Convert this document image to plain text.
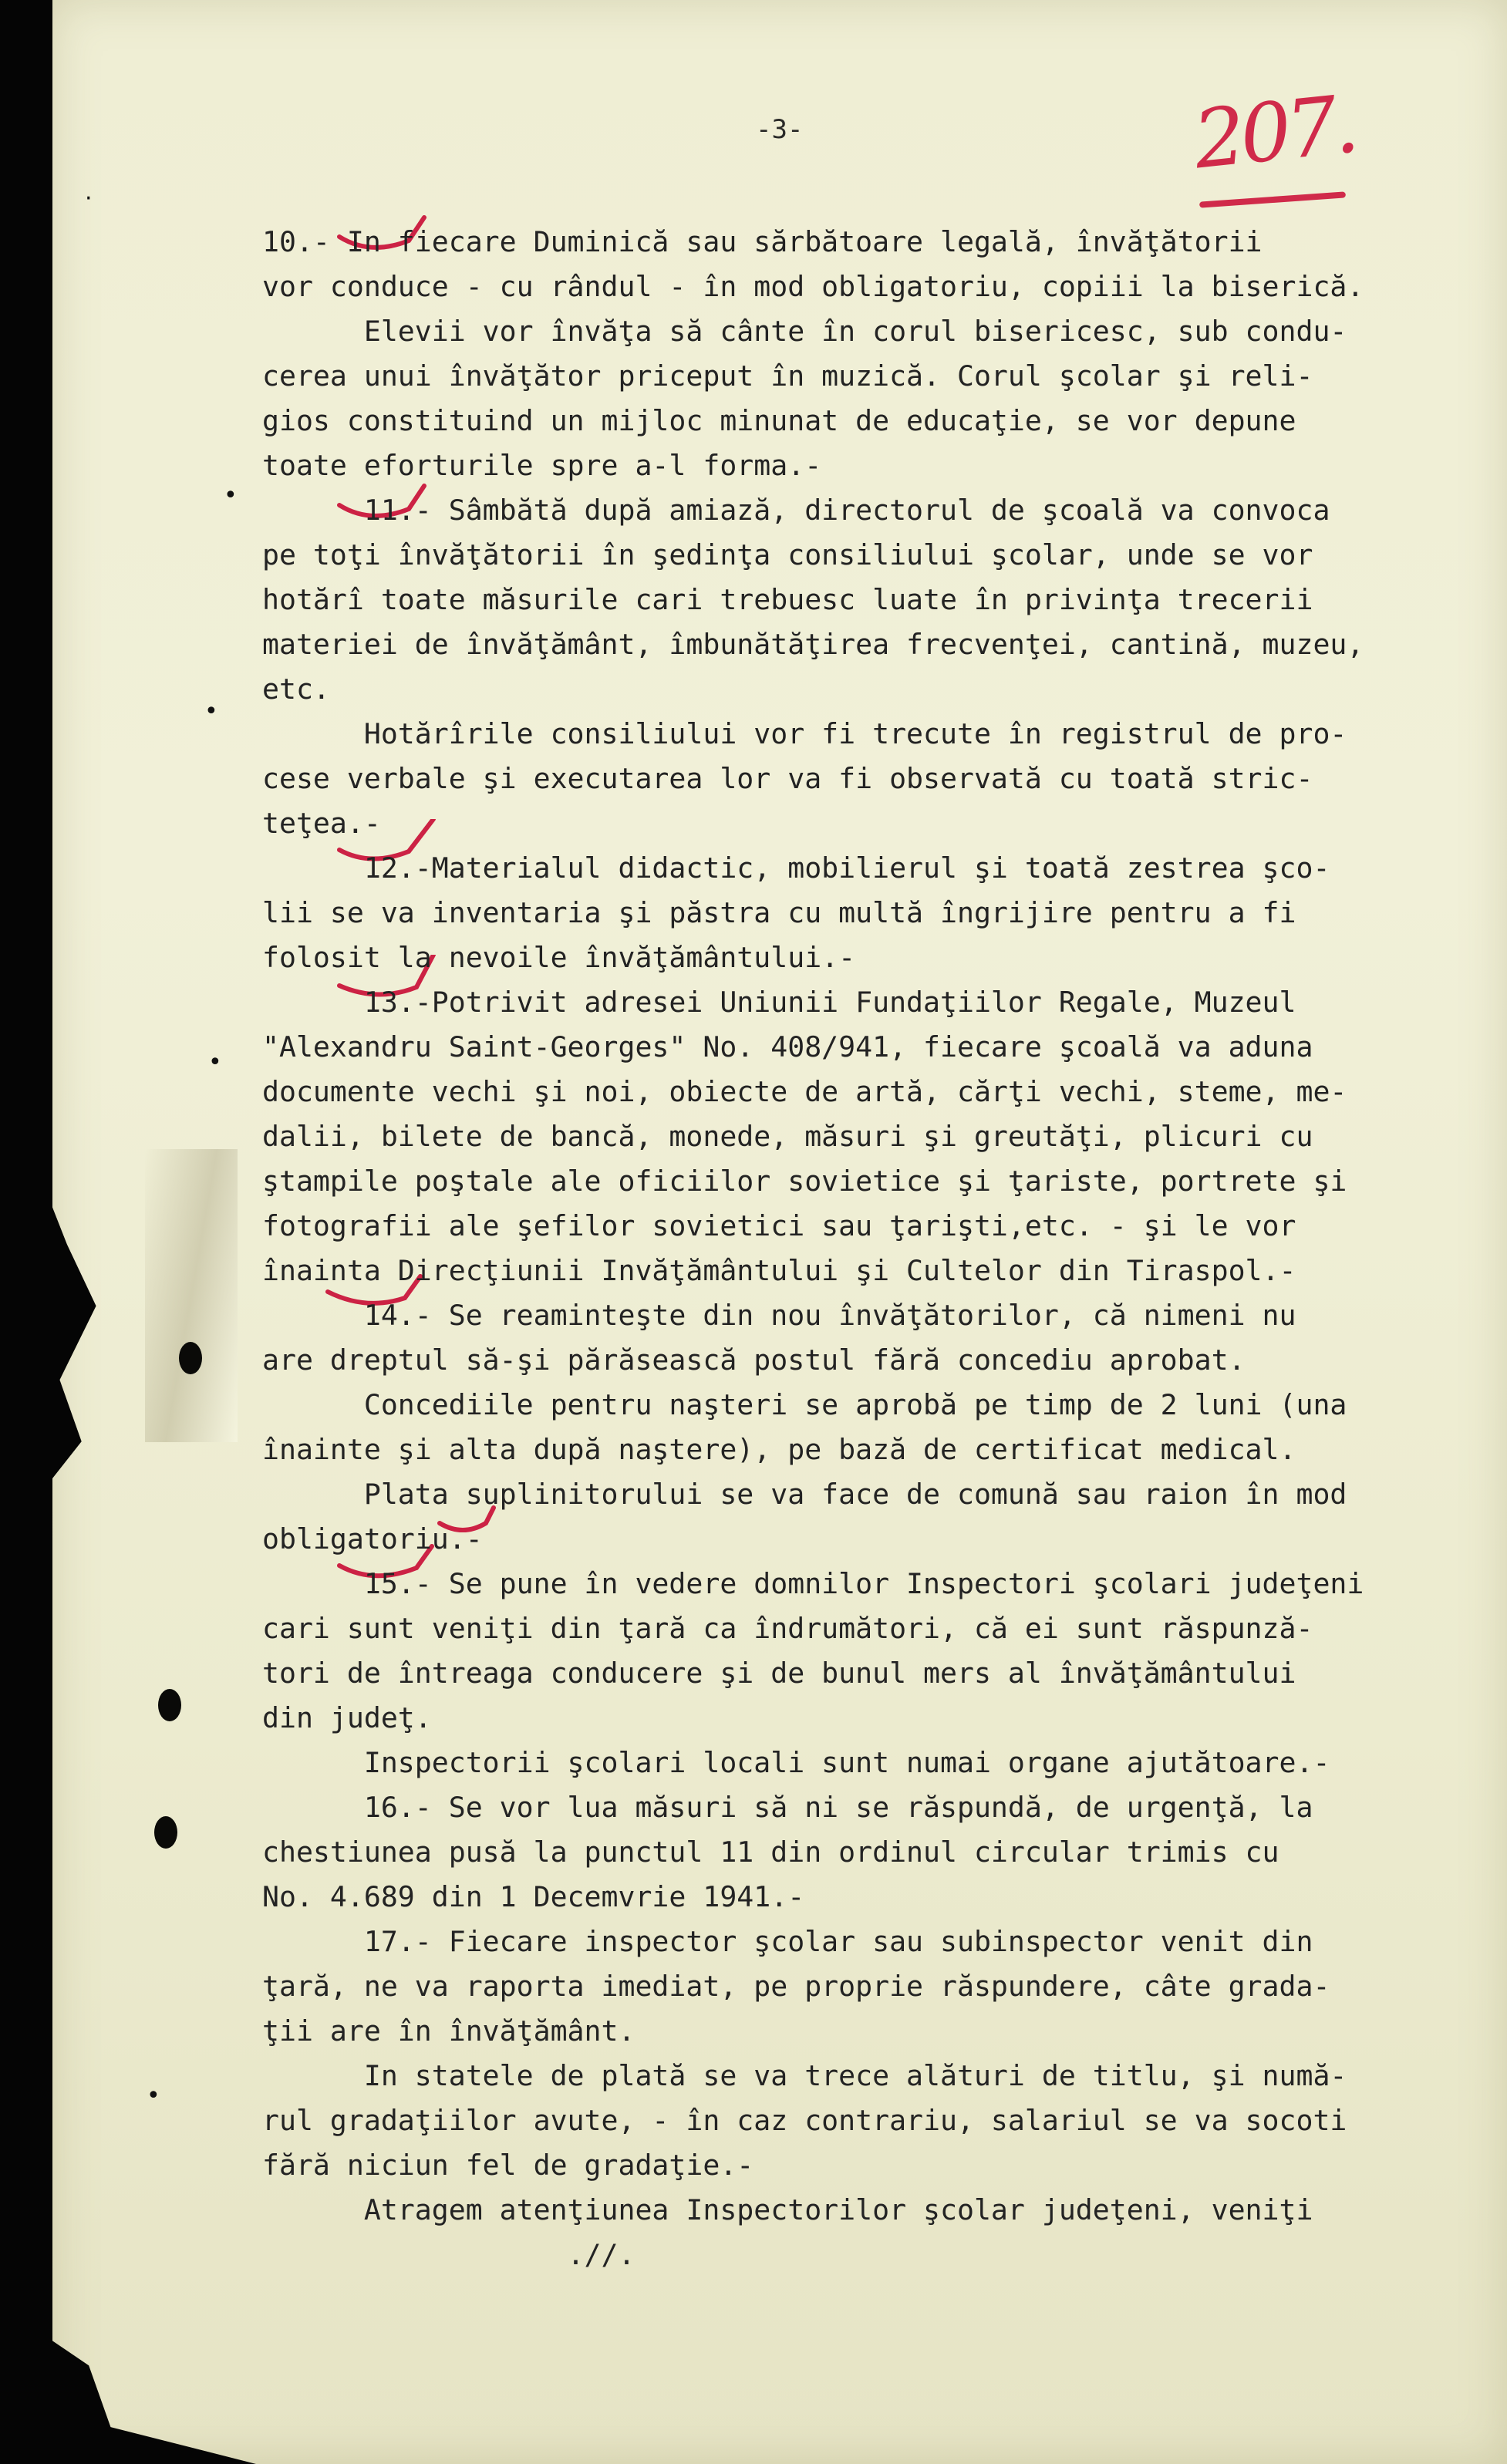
·
•
•
•
•
-3-	207.
10.- In fiecare Duminică sau sărbătoare legală, învăţătorii
vor conduce - cu rândul - în mod obligatoriu, copiii la biserică.
Elevii vor învăţa să cânte în corul bisericesc, sub condu-
cerea unui învăţător priceput în muzică. Corul şcolar şi reli-
gios constituind un mijloc minunat de educaţie, se vor depune
toate eforturile spre a-l forma.-
11.- Sâmbătă după amiază, directorul de şcoală va convoca
pe toţi învăţătorii în şedinţa consiliului şcolar, unde se vor
hotărî toate măsurile cari trebuesc luate în privinţa trecerii
materiei de învăţământ, îmbunătăţirea frecvenţei, cantină, muzeu,
etc.
Hotărîrile consiliului vor fi trecute în registrul de pro-
cese verbale şi executarea lor va fi observată cu toată stric-
teţea.-
12.-Materialul didactic, mobilierul şi toată zestrea şco-
lii se va inventaria şi păstra cu multă îngrijire pentru a fi
folosit la nevoile învăţământului.-
13.-Potrivit adresei Uniunii Fundaţiilor Regale, Muzeul
"Alexandru Saint-Georges" No. 408/941, fiecare şcoală va aduna
documente vechi şi noi, obiecte de artă, cărţi vechi, steme, me-
dalii, bilete de bancă, monede, măsuri şi greutăţi, plicuri cu
ştampile poştale ale oficiilor sovietice şi ţariste, portrete şi
fotografii ale şefilor sovietici sau ţarişti,etc. - şi le vor
înainta Direcţiunii Invăţământului şi Cultelor din Tiraspol.-
14.- Se reaminteşte din nou învăţătorilor, că nimeni nu
are dreptul să-şi părăsească postul fără concediu aprobat.
Concediile pentru naşteri se aprobă pe timp de 2 luni (una
înainte şi alta după naştere), pe bază de certificat medical.
Plata suplinitorului se va face de comună sau raion în mod
obligatoriu.-
15.- Se pune în vedere domnilor Inspectori şcolari judeţeni
cari sunt veniţi din ţară ca îndrumători, că ei sunt răspunză-
tori de întreaga conducere şi de bunul mers al învăţământului
din judeţ.
Inspectorii şcolari locali sunt numai organe ajutătoare.-
16.- Se vor lua măsuri să ni se răspundă, de urgenţă, la
chestiunea pusă la punctul 11 din ordinul circular trimis cu
No. 4.689 din 1 Decemvrie 1941.-
17.- Fiecare inspector şcolar sau subinspector venit din
ţară, ne va raporta imediat, pe proprie răspundere, câte grada-
ţii are în învăţământ.
In statele de plată se va trece alături de titlu, şi numă-
rul gradaţiilor avute, - în caz contrariu, salariul se va socoti
fără niciun fel de gradaţie.-
Atragem atenţiunea Inspectorilor şcolar judeţeni, veniţi
.//.
